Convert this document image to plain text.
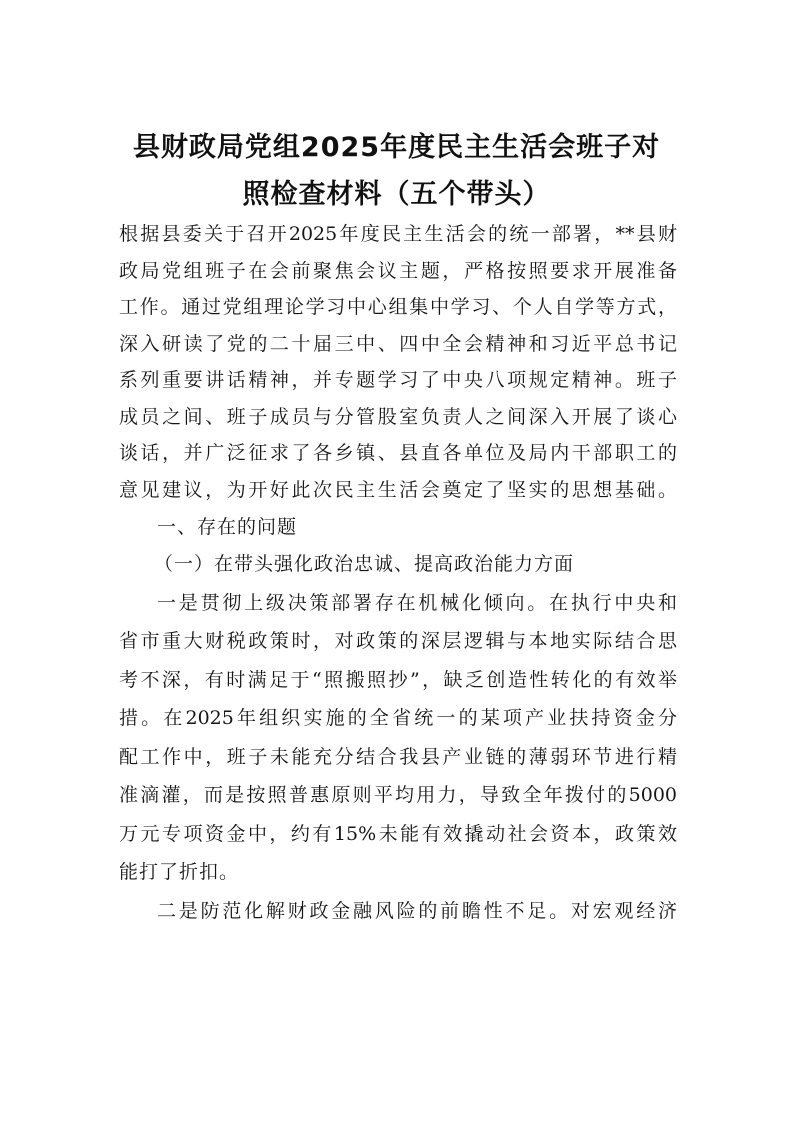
县财政局党组2025年度民主生活会班子对
照检查材料（五个带头）
根据县委关于召开2025年度民主生活会的统一部署，**县财
政局党组班子在会前聚焦会议主题，严格按照要求开展准备
工作。通过党组理论学习中心组集中学习、个人自学等方式，
深入研读了党的二十届三中、四中全会精神和习近平总书记
系列重要讲话精神，并专题学习了中央八项规定精神。班子
成员之间、班子成员与分管股室负责人之间深入开展了谈心
谈话，并广泛征求了各乡镇、县直各单位及局内干部职工的
意见建议，为开好此次民主生活会奠定了坚实的思想基础。
一、存在的问题
（一）在带头强化政治忠诚、提高政治能力方面
一是贯彻上级决策部署存在机械化倾向。在执行中央和
省市重大财税政策时，对政策的深层逻辑与本地实际结合思
考不深，有时满足于“照搬照抄”，缺乏创造性转化的有效举
措。在2025年组织实施的全省统一的某项产业扶持资金分
配工作中，班子未能充分结合我县产业链的薄弱环节进行精
准滴灌，而是按照普惠原则平均用力，导致全年拨付的5000
万元专项资金中，约有15%未能有效撬动社会资本，政策效
能打了折扣。
二是防范化解财政金融风险的前瞻性不足。对宏观经济
